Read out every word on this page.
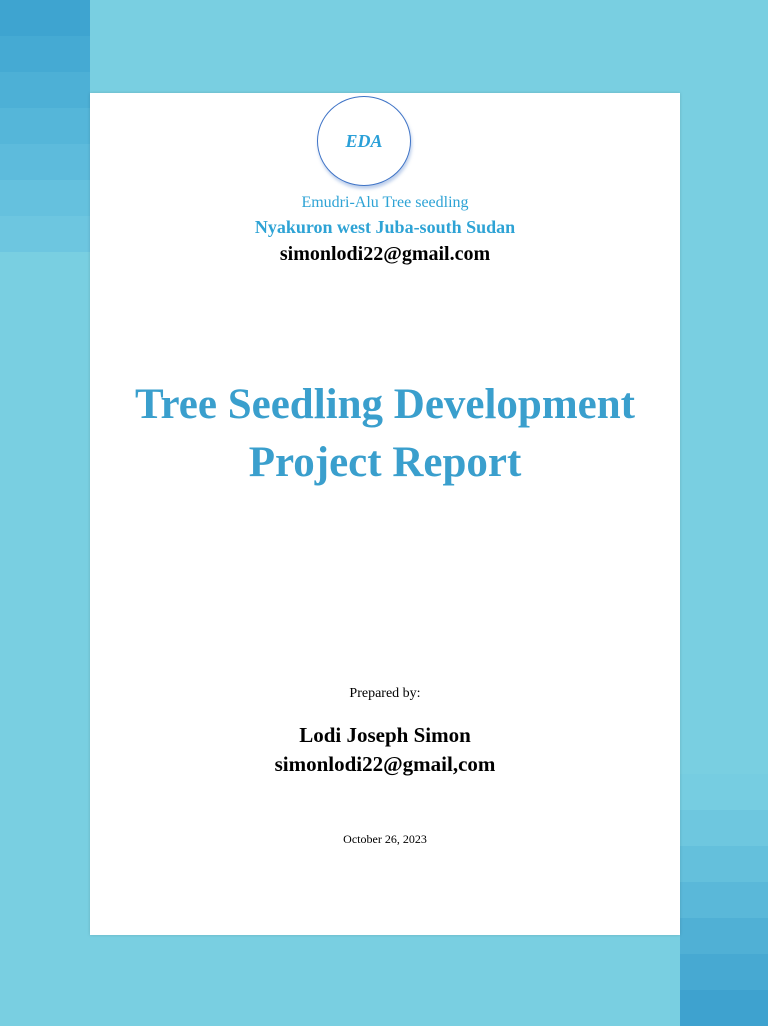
EDA
Emudri-Alu Tree seedling
Nyakuron west Juba-south Sudan
simonlodi22@gmail.com
Tree Seedling Development
Project Report
Prepared by:
Lodi Joseph Simon
simonlodi22@gmail,com
October 26, 2023
